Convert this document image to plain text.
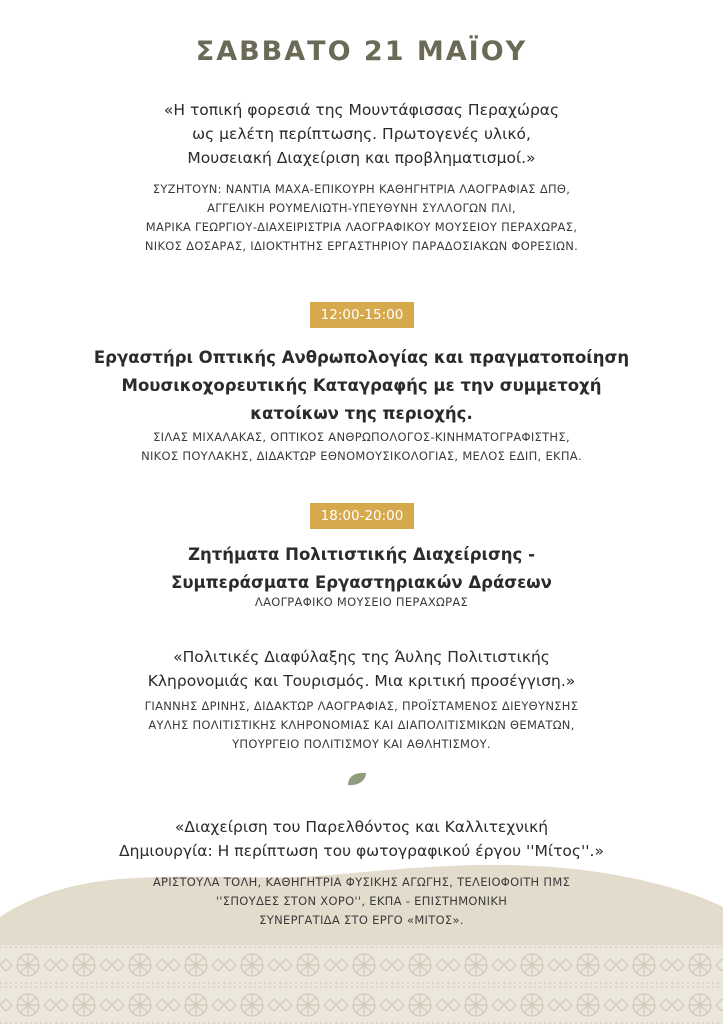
ΣΑΒΒΑΤΟ 21 ΜΑΪΟΥ
«Η τοπική φορεσιά της Μουντάφισσας Περαχώρας
ως μελέτη περίπτωσης. Πρωτογενές υλικό,
Μουσειακή Διαχείριση και προβληματισμοί.»
ΣΥΖΗΤΟΥΝ: ΝΑΝΤΙΑ ΜΑΧΑ-ΕΠΙΚΟΥΡΗ ΚΑΘΗΓΗΤΡΙΑ ΛΑΟΓΡΑΦΙΑΣ ΔΠΘ,
ΑΓΓΕΛΙΚΗ ΡΟΥΜΕΛΙΩΤΗ-ΥΠΕΥΘΥΝΗ ΣΥΛΛΟΓΩΝ ΠΛΙ,
ΜΑΡΙΚΑ ΓΕΩΡΓΙΟΥ-ΔΙΑΧΕΙΡΙΣΤΡΙΑ ΛΑΟΓΡΑΦΙΚΟΥ ΜΟΥΣΕΙΟΥ ΠΕΡΑΧΩΡΑΣ,
ΝΙΚΟΣ ΔΟΣΑΡΑΣ, ΙΔΙΟΚΤΗΤΗΣ ΕΡΓΑΣΤΗΡΙΟΥ ΠΑΡΑΔΟΣΙΑΚΩΝ ΦΟΡΕΣΙΩΝ.
12:00-15:00
Εργαστήρι Οπτικής Ανθρωπολογίας και πραγματοποίηση
Μουσικοχορευτικής Καταγραφής με την συμμετοχή
κατοίκων της περιοχής.
ΣΙΛΑΣ ΜΙΧΑΛΑΚΑΣ, ΟΠΤΙΚΟΣ ΑΝΘΡΩΠΟΛΟΓΟΣ-ΚΙΝΗΜΑΤΟΓΡΑΦΙΣΤΗΣ,
ΝΙΚΟΣ ΠΟΥΛΑΚΗΣ, ΔΙΔΑΚΤΩΡ ΕΘΝΟΜΟΥΣΙΚΟΛΟΓΙΑΣ, ΜΕΛΟΣ ΕΔΙΠ, ΕΚΠΑ.
18:00-20:00
Ζητήματα Πολιτιστικής Διαχείρισης -
Συμπεράσματα Εργαστηριακών Δράσεων
ΛΑΟΓΡΑΦΙΚΟ ΜΟΥΣΕΙΟ ΠΕΡΑΧΩΡΑΣ
«Πολιτικές Διαφύλαξης της Άυλης Πολιτιστικής
Κληρονομιάς και Τουρισμός. Μια κριτική προσέγγιση.»
ΓΙΑΝΝΗΣ ΔΡΙΝΗΣ, ΔΙΔΑΚΤΩΡ ΛΑΟΓΡΑΦΙΑΣ, ΠΡΟΪΣΤΑΜΕΝΟΣ ΔΙΕΥΘΥΝΣΗΣ
ΑΥΛΗΣ ΠΟΛΙΤΙΣΤΙΚΗΣ ΚΛΗΡΟΝΟΜΙΑΣ ΚΑΙ ΔΙΑΠΟΛΙΤΙΣΜΙΚΩΝ ΘΕΜΑΤΩΝ,
ΥΠΟΥΡΓΕΙΟ ΠΟΛΙΤΙΣΜΟΥ ΚΑΙ ΑΘΛΗΤΙΣΜΟΥ.
«Διαχείριση του Παρελθόντος και Καλλιτεχνική
Δημιουργία: Η περίπτωση του φωτογραφικού έργου ''Μίτος''.»
ΑΡΙΣΤΟΥΛΑ ΤΟΛΗ, ΚΑΘΗΓΗΤΡΙΑ ΦΥΣΙΚΗΣ ΑΓΩΓΗΣ, ΤΕΛΕΙΟΦΟΙΤΗ ΠΜΣ
''ΣΠΟΥΔΕΣ ΣΤΟΝ ΧΟΡΟ'', ΕΚΠΑ - ΕΠΙΣΤΗΜΟΝΙΚΗ
ΣΥΝΕΡΓΑΤΙΔΑ ΣΤΟ ΕΡΓΟ «ΜΙΤΟΣ».
